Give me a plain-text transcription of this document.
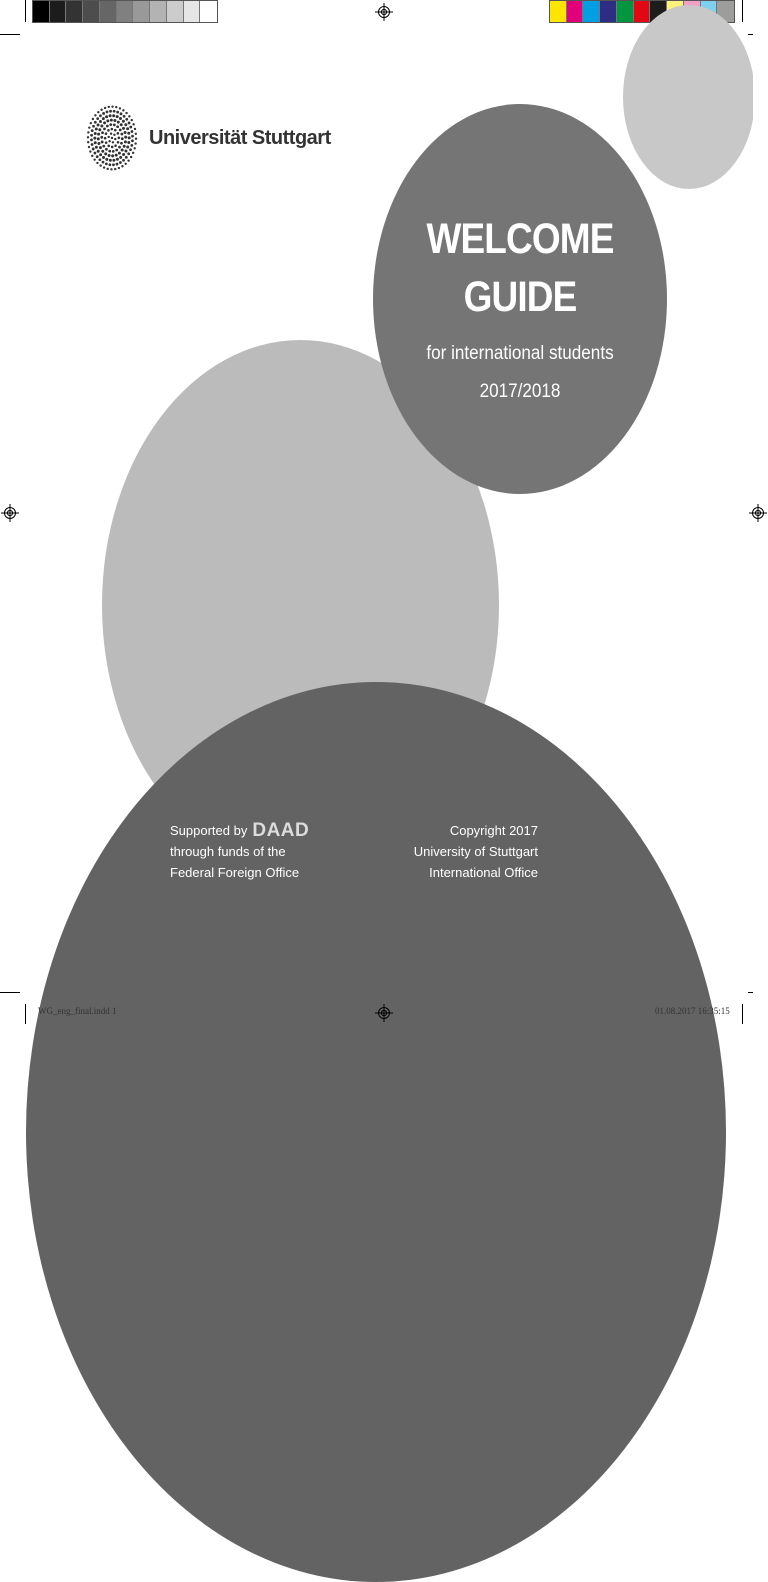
Universität Stuttgart
WELCOME
GUIDE
for international students
2017/2018
Supported by DAAD
through funds of the
Federal Foreign Office
Copyright 2017
University of Stuttgart
International Office
WG_eng_final.indd 1	01.08.2017 16:35:15
